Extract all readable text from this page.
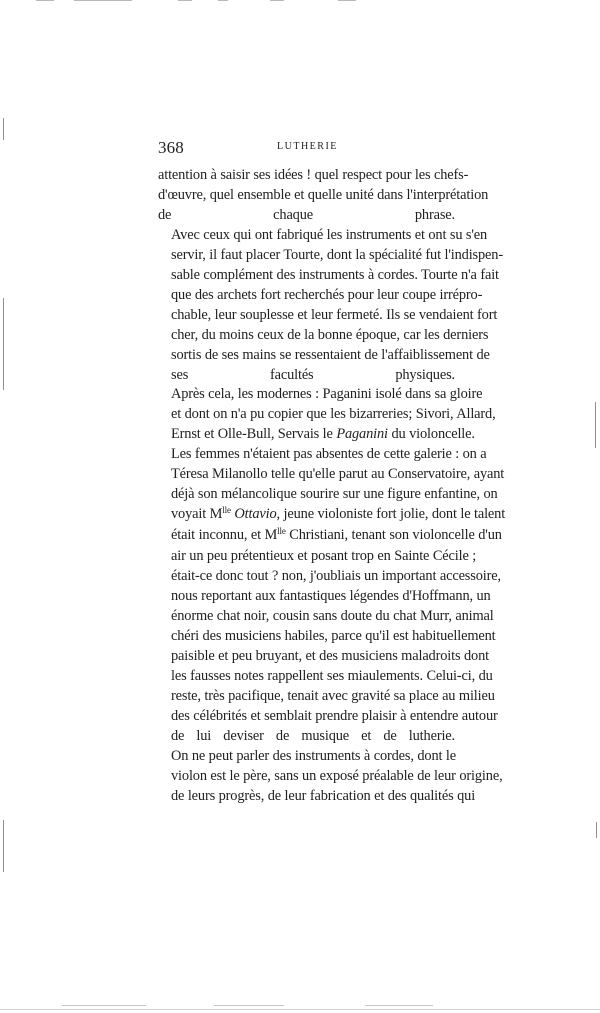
368	LUTHERIE

attention à saisir ses idées ! quel respect pour les chefs-
d'œuvre, quel ensemble et quelle unité dans l'interprétation
de chaque phrase.

Avec ceux qui ont fabriqué les instruments et ont su s'en
servir, il faut placer Tourte, dont la spécialité fut l'indispen-
sable complément des instruments à cordes. Tourte n'a fait
que des archets fort recherchés pour leur coupe irrépro-
chable, leur souplesse et leur fermeté. Ils se vendaient fort
cher, du moins ceux de la bonne époque, car les derniers
sortis de ses mains se ressentaient de l'affaiblissement de
ses facultés physiques.

Après cela, les modernes : Paganini isolé dans sa gloire
et dont on n'a pu copier que les bizarreries; Sivori, Allard,
Ernst et Olle-Bull, Servais le Paganini du violoncelle.

Les femmes n'étaient pas absentes de cette galerie : on a
Téresa Milanollo telle qu'elle parut au Conservatoire, ayant
déjà son mélancolique sourire sur une figure enfantine, on
voyait $M^{lle}$ Ottavio, jeune violoniste fort jolie, dont le talent
était inconnu, et $M^{lle}$ Christiani, tenant son violoncelle d'un
air un peu prétentieux et posant trop en Sainte Cécile ;
était-ce donc tout ? non, j'oubliais un important accessoire,
nous reportant aux fantastiques légendes d'Hoffmann, un
énorme chat noir, cousin sans doute du chat Murr, animal
chéri des musiciens habiles, parce qu'il est habituellement
paisible et peu bruyant, et des musiciens maladroits dont
les fausses notes rappellent ses miaulements. Celui-ci, du
reste, très pacifique, tenait avec gravité sa place au milieu
des célébrités et semblait prendre plaisir à entendre autour
de lui deviser de musique et de lutherie.

On ne peut parler des instruments à cordes, dont le
violon est le père, sans un exposé préalable de leur origine,
de leurs progrès, de leur fabrication et des qualités qui
